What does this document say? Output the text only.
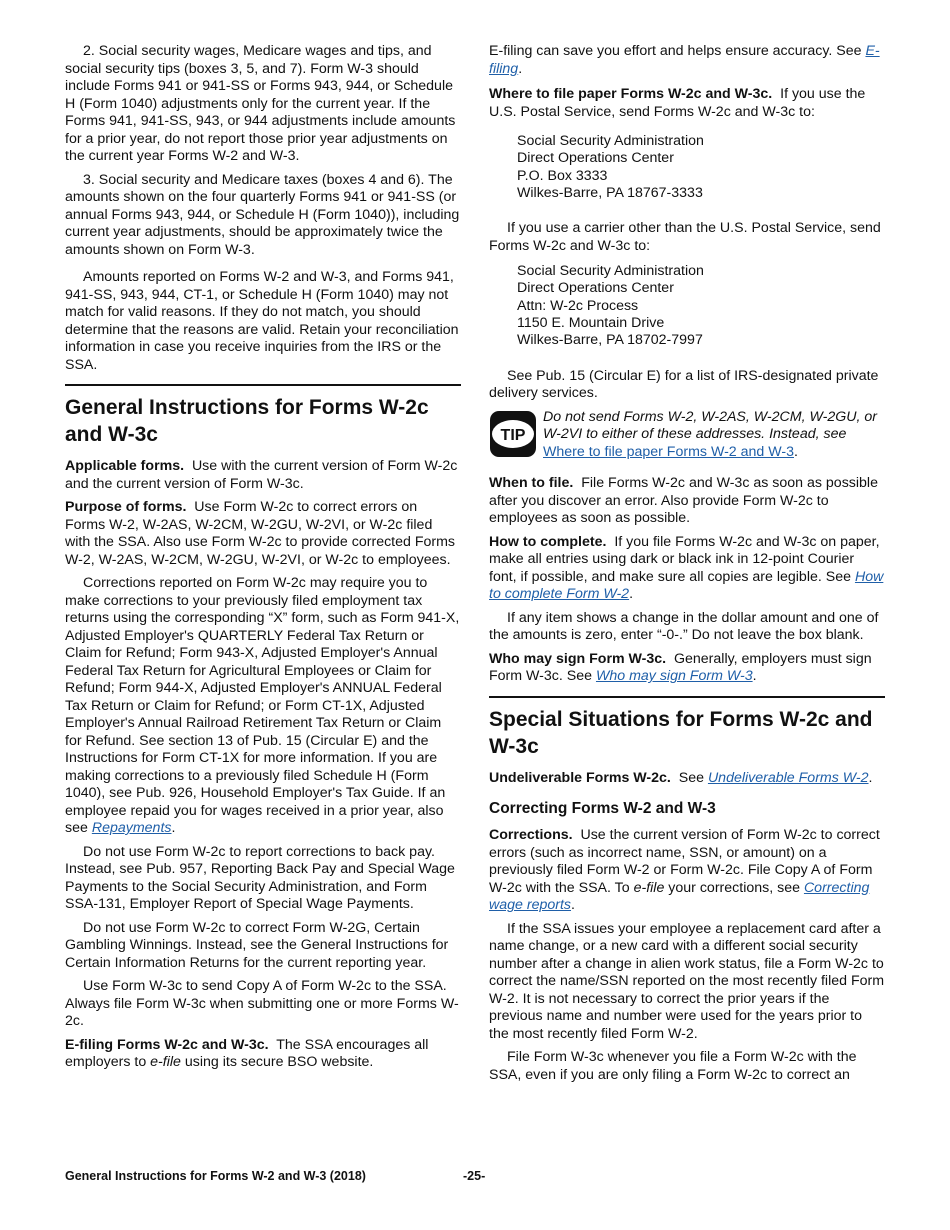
2. Social security wages, Medicare wages and tips, and social security tips (boxes 3, 5, and 7). Form W-3 should include Forms 941 or 941-SS or Forms 943, 944, or Schedule H (Form 1040) adjustments only for the current year. If the Forms 941, 941-SS, 943, or 944 adjustments include amounts for a prior year, do not report those prior year adjustments on the current year Forms W-2 and W-3.

3. Social security and Medicare taxes (boxes 4 and 6). The amounts shown on the four quarterly Forms 941 or 941-SS (or annual Forms 943, 944, or Schedule H (Form 1040)), including current year adjustments, should be approximately twice the amounts shown on Form W-3.

Amounts reported on Forms W-2 and W-3, and Forms 941, 941-SS, 943, 944, CT-1, or Schedule H (Form 1040) may not match for valid reasons. If they do not match, you should determine that the reasons are valid. Retain your reconciliation information in case you receive inquiries from the IRS or the SSA.

General Instructions for Forms W-2c and W-3c

Applicable forms. Use with the current version of Form W-2c and the current version of Form W-3c.

Purpose of forms. Use Form W-2c to correct errors on Forms W-2, W-2AS, W-2CM, W-2GU, W-2VI, or W-2c filed with the SSA. Also use Form W-2c to provide corrected Forms W-2, W-2AS, W-2CM, W-2GU, W-2VI, or W-2c to employees.

Corrections reported on Form W-2c may require you to make corrections to your previously filed employment tax returns using the corresponding “X” form, such as Form 941-X, Adjusted Employer's QUARTERLY Federal Tax Return or Claim for Refund; Form 943-X, Adjusted Employer's Annual Federal Tax Return for Agricultural Employees or Claim for Refund; Form 944-X, Adjusted Employer's ANNUAL Federal Tax Return or Claim for Refund; or Form CT-1X, Adjusted Employer's Annual Railroad Retirement Tax Return or Claim for Refund. See section 13 of Pub. 15 (Circular E) and the Instructions for Form CT-1X for more information. If you are making corrections to a previously filed Schedule H (Form 1040), see Pub. 926, Household Employer's Tax Guide. If an employee repaid you for wages received in a prior year, also see Repayments.

Do not use Form W-2c to report corrections to back pay. Instead, see Pub. 957, Reporting Back Pay and Special Wage Payments to the Social Security Administration, and Form SSA-131, Employer Report of Special Wage Payments.

Do not use Form W-2c to correct Form W-2G, Certain Gambling Winnings. Instead, see the General Instructions for Certain Information Returns for the current reporting year.

Use Form W-3c to send Copy A of Form W-2c to the SSA. Always file Form W-3c when submitting one or more Forms W-2c.

E-filing Forms W-2c and W-3c. The SSA encourages all employers to e-file using its secure BSO website.

E-filing can save you effort and helps ensure accuracy. See E-filing.

Where to file paper Forms W-2c and W-3c. If you use the U.S. Postal Service, send Forms W-2c and W-3c to:

Social Security Administration
Direct Operations Center
P.O. Box 3333
Wilkes-Barre, PA 18767-3333

If you use a carrier other than the U.S. Postal Service, send Forms W-2c and W-3c to:

Social Security Administration
Direct Operations Center
Attn: W-2c Process
1150 E. Mountain Drive
Wilkes-Barre, PA 18702-7997

See Pub. 15 (Circular E) for a list of IRS-designated private delivery services.

TIP
Do not send Forms W-2, W-2AS, W-2CM, W-2GU, or W-2VI to either of these addresses. Instead, see Where to file paper Forms W-2 and W-3.

When to file. File Forms W-2c and W-3c as soon as possible after you discover an error. Also provide Form W-2c to employees as soon as possible.

How to complete. If you file Forms W-2c and W-3c on paper, make all entries using dark or black ink in 12-point Courier font, if possible, and make sure all copies are legible. See How to complete Form W-2.

If any item shows a change in the dollar amount and one of the amounts is zero, enter “-0-.” Do not leave the box blank.

Who may sign Form W-3c. Generally, employers must sign Form W-3c. See Who may sign Form W-3.

Special Situations for Forms W-2c and W-3c

Undeliverable Forms W-2c. See Undeliverable Forms W-2.

Correcting Forms W-2 and W-3

Corrections. Use the current version of Form W-2c to correct errors (such as incorrect name, SSN, or amount) on a previously filed Form W-2 or Form W-2c. File Copy A of Form W-2c with the SSA. To e-file your corrections, see Correcting wage reports.

If the SSA issues your employee a replacement card after a name change, or a new card with a different social security number after a change in alien work status, file a Form W-2c to correct the name/SSN reported on the most recently filed Form W-2. It is not necessary to correct the prior years if the previous name and number were used for the years prior to the most recently filed Form W-2.

File Form W-3c whenever you file a Form W-2c with the SSA, even if you are only filing a Form W-2c to correct an

General Instructions for Forms W-2 and W-3 (2018)	-25-
